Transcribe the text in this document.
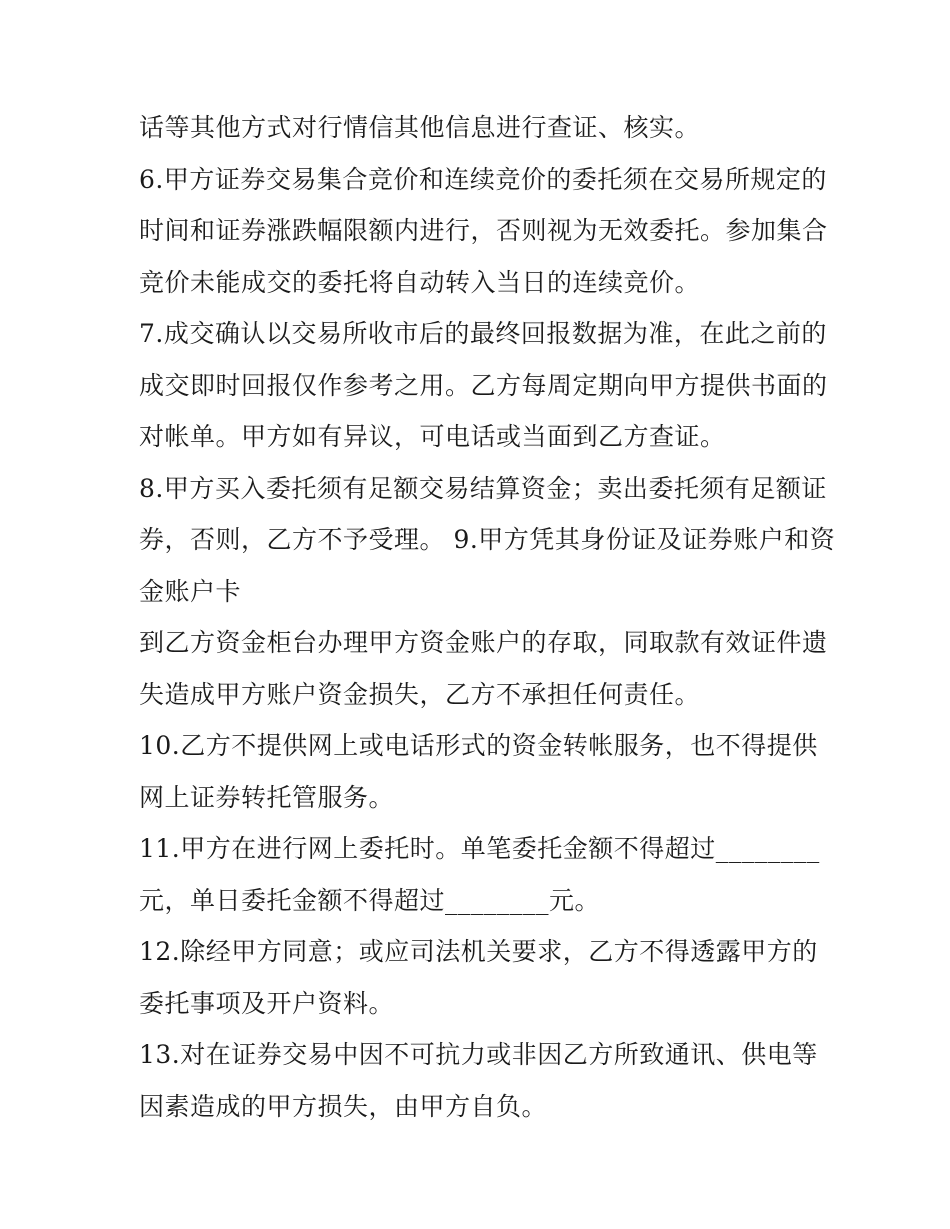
话等其他方式对行情信其他信息进行查证、核实。
6.甲方证券交易集合竞价和连续竞价的委托须在交易所规定的
时间和证券涨跌幅限额内进行，否则视为无效委托。参加集合
竞价未能成交的委托将自动转入当日的连续竞价。
7.成交确认以交易所收市后的最终回报数据为准，在此之前的
成交即时回报仅作参考之用。乙方每周定期向甲方提供书面的
对帐单。甲方如有异议，可电话或当面到乙方查证。
8.甲方买入委托须有足额交易结算资金；卖出委托须有足额证
券，否则，乙方不予受理。 9.甲方凭其身份证及证券账户和资
金账户卡
到乙方资金柜台办理甲方资金账户的存取，同取款有效证件遗
失造成甲方账户资金损失，乙方不承担任何责任。
10.乙方不提供网上或电话形式的资金转帐服务，也不得提供
网上证券转托管服务。
11.甲方在进行网上委托时。单笔委托金额不得超过________
元，单日委托金额不得超过________元。
12.除经甲方同意；或应司法机关要求，乙方不得透露甲方的
委托事项及开户资料。
13.对在证券交易中因不可抗力或非因乙方所致通讯、供电等
因素造成的甲方损失，由甲方自负。
